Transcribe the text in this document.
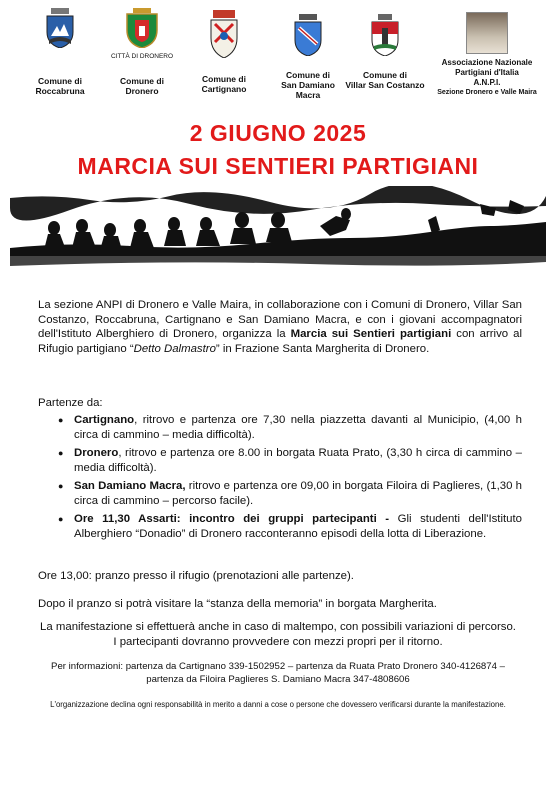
Comune di
Roccabruna
CITTÀ DI DRONERO
Comune di
Dronero
Comune di
Cartignano
Comune di
San Damiano
Macra
Comune di
Villar San Costanzo
Associazione Nazionale
Partigiani d'Italia
A.N.P.I.
Sezione Dronero e Valle Maira
2 GIUGNO 2025
MARCIA SUI SENTIERI PARTIGIANI
La sezione ANPI di Dronero e Valle Maira, in collaborazione con i Comuni di Dronero, Villar San Costanzo, Roccabruna, Cartignano e San Damiano Macra, e con i giovani accompagnatori dell'Istituto Alberghiero di Dronero, organizza la Marcia sui Sentieri partigiani con arrivo al Rifugio partigiano “Detto Dalmastro” in Frazione Santa Margherita di Dronero.
Partenze da:
● Cartignano, ritrovo e partenza ore 7,30 nella piazzetta davanti al Municipio, (4,00 h circa di cammino – media difficoltà).
● Dronero, ritrovo e partenza ore 8.00 in borgata Ruata Prato, (3,30 h circa di cammino – media difficoltà).
● San Damiano Macra, ritrovo e partenza ore 09,00 in borgata Filoira di Paglieres, (1,30 h circa di cammino – percorso facile).
● Ore 11,30 Assarti: incontro dei gruppi partecipanti - Gli studenti dell'Istituto Alberghiero “Donadio” di Dronero racconteranno episodi della lotta di Liberazione.
Ore 13,00: pranzo presso il rifugio (prenotazioni alle partenze).
Dopo il pranzo si potrà visitare la “stanza della memoria” in borgata Margherita.
La manifestazione si effettuerà anche in caso di maltempo, con possibili variazioni di percorso.
I partecipanti dovranno provvedere con mezzi propri per il ritorno.
Per informazioni: partenza da Cartignano 339-1502952 – partenza da Ruata Prato Dronero 340-4126874 –
partenza da Filoira Paglieres S. Damiano Macra 347-4808606
L'organizzazione declina ogni responsabilità in merito a danni a cose o persone che dovessero verificarsi durante la manifestazione.
